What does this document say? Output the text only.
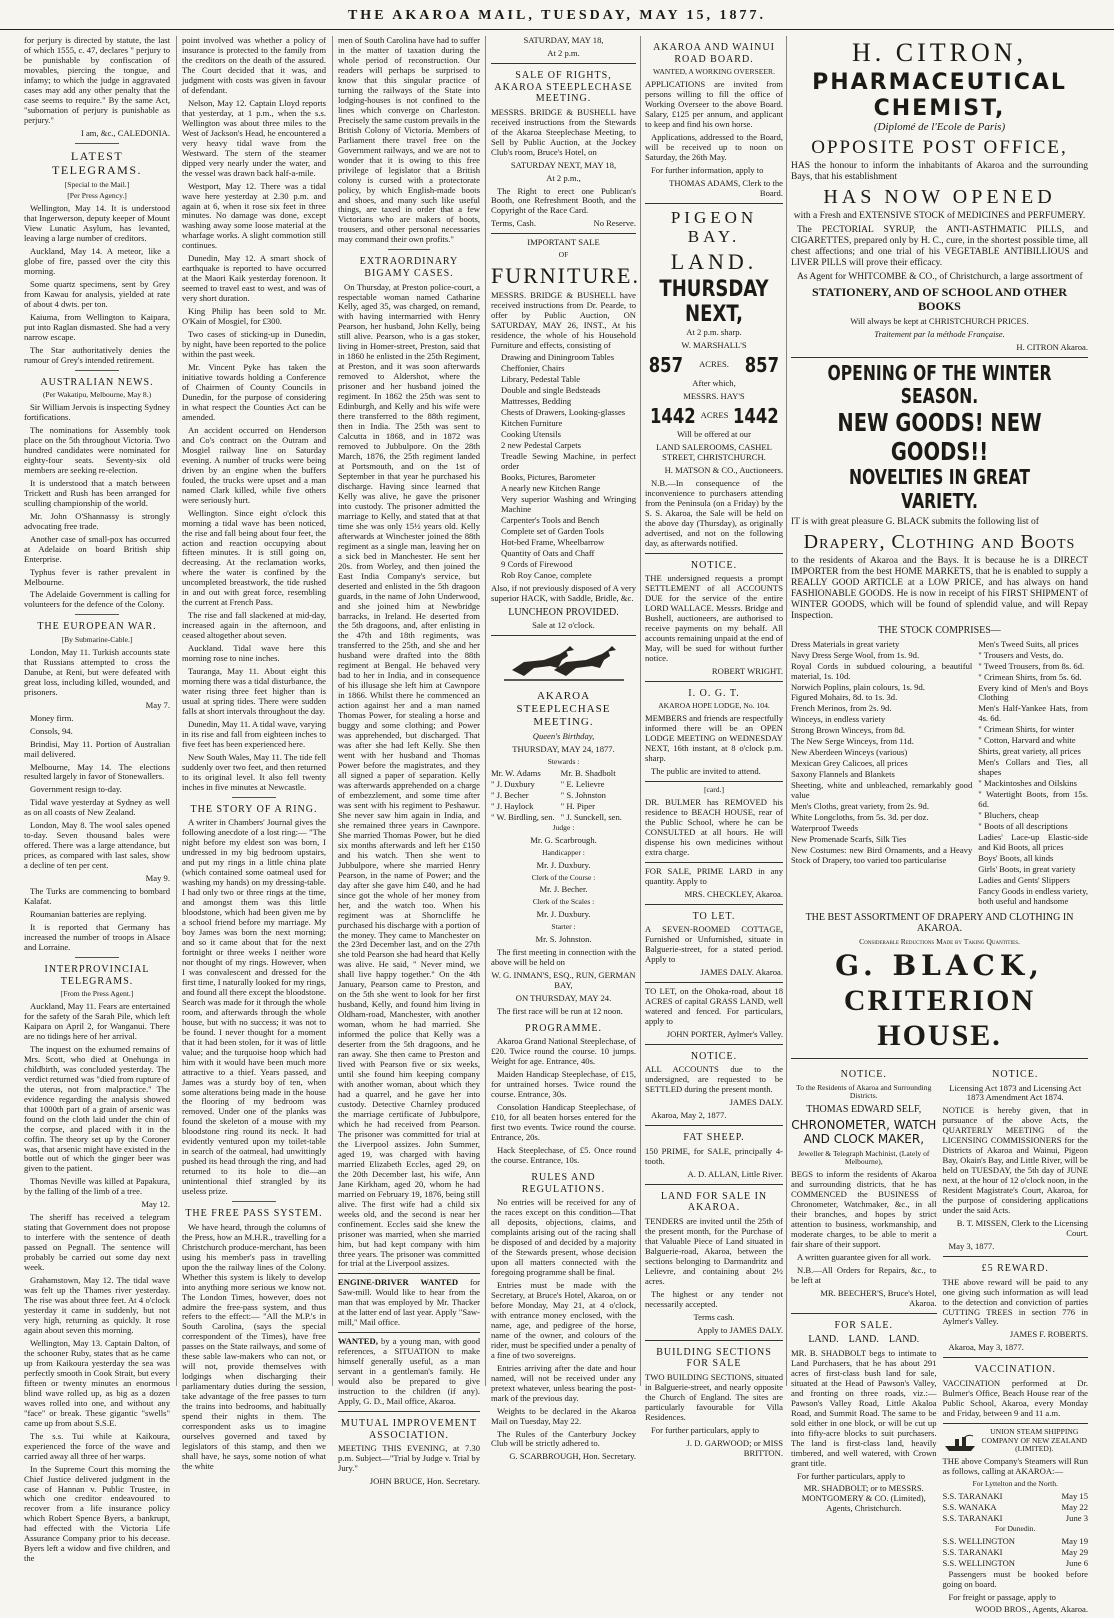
THE AKAROA MAIL, TUESDAY, MAY 15, 1877.

for perjury is directed by statute, the last of which 1555, c. 47, declares " perjury to be punishable by confiscation of movables, piercing the tongue, and infamy; to which the judge in aggravated cases may add any other penalty that the case seems to require." By the same Act, "subornation of perjury is punishable as perjury."

I am, &c., CALEDONIA.

LATEST TELEGRAMS.

[Special to the Mail.]

[Per Press Agency.]

Wellington, May 14. It is understood that Ingerwerson, deputy keeper of Mount View Lunatic Asylum, has levanted, leaving a large number of creditors.

Auckland, May 14. A meteor, like a globe of fire, passed over the city this morning.

Some quartz specimens, sent by Grey from Kawau for analysis, yielded at rate of about 4 dwts. per ton.

Kaiuma, from Wellington to Kaipara, put into Raglan dismasted. She had a very narrow escape.

The Star authoritatively denies the rumour of Grey's intended retirement.

AUSTRALIAN NEWS.

(Per Wakatipu, Melbourne, May 8.)

Sir William Jervois is inspecting Sydney fortifications.

The nominations for Assembly took place on the 5th throughout Victoria. Two hundred candidates were nominated for eighty-four seats. Seventy-six old members are seeking re-election.

It is understood that a match between Trickett and Rush has been arranged for sculling championship of the world.

Mr. John O'Shannassy is strongly advocating free trade.

Another case of small-pox has occurred at Adelaide on board British ship Enterprise.

Typhus fever is rather prevalent in Melbourne.

The Adelaide Government is calling for volunteers for the defence of the Colony.

THE EUROPEAN WAR.

[By Submarine-Cable.]

London, May 11. Turkish accounts state that Russians attempted to cross the Danube, at Reni, but were defeated with great loss, including killed, wounded, and prisoners.

May 7.

Money firm.

Consols, 94.

Brindisi, May 11. Portion of Australian mail delivered.

Melbourne, May 14. The elections resulted largely in favor of Stonewallers.

Government resign to-day.

Tidal wave yesterday at Sydney as well as on all coasts of New Zealand.

London, May 8. The wool sales opened to-day. Seven thousand bales were offered. There was a large attendance, but prices, as compared with last sales, show a decline of ten per cent.

May 9.

The Turks are commencing to bombard Kalafat.

Roumanian batteries are replying.

It is reported that Germany has increased the number of troops in Alsace and Lorraine.

INTERPROVINCIAL TELEGRAMS.

[From the Press Agent.]

Auckland, May 11. Fears are entertained for the safety of the Sarah Pile, which left Kaipara on April 2, for Wanganui. There are no tidings here of her arrival.

The inquest on the exhumed remains of Mrs. Scott, who died at Onehunga in childbirth, was concluded yesterday. The verdict returned was "died from rupture of the uterus, not from malpractice." The evidence regarding the analysis showed that 1000th part of a grain of arsenic was found on the cloth laid under the chin of the corpse, and placed with it in the coffin. The theory set up by the Coroner was, that arsenic might have existed in the bottle out of which the ginger beer was given to the patient.

Thomas Neville was killed at Papakura, by the falling of the limb of a tree.

May 12.

The sheriff has received a telegram stating that Government does not propose to interfere with the sentence of death passed on Pegnall. The sentence will probably be carried out some day next week.

Grahamstown, May 12. The tidal wave was felt up the Thames river yesterday. The rise was about three feet. At 4 o'clock yesterday it came in suddenly, but not very high, returning as quickly. It rose again about seven this morning.

Wellington, May 13. Captain Dalton, of the schooner Ruby, states that as he came up from Kaikoura yesterday the sea was perfectly smooth in Cook Strait, but every fifteen or twenty minutes an enormous blind wave rolled up, as big as a dozen waves rolled into one, and without any "face" or break. These gigantic "swells" came up from about S.S.E.

The s.s. Tui while at Kaikoura, experienced the force of the wave and carried away all three of her warps.

In the Supreme Court this morning the Chief Justice delivered judgment in the case of Hannan v. Public Trustee, in which one creditor endeavoured to recover from a life insurance policy which Robert Spence Byers, a bankrupt, had effected with the Victoria Life Assurance Company prior to his decease. Byers left a widow and five children, and the

point involved was whether a policy of insurance is protected to the family from the creditors on the death of the assured. The Court decided that it was, and judgment with costs was given in favour of defendant.

Nelson, May 12. Captain Lloyd reports that yesterday, at 1 p.m., when the s.s. Wellington was about three miles to the West of Jackson's Head, he encountered a very heavy tidal wave from the Westward. The stern of the steamer dipped very nearly under the water, and the vessel was drawn back half-a-mile.

Westport, May 12. There was a tidal wave here yesterday at 2.30 p.m. and again at 6, when it rose six feet in three minutes. No damage was done, except washing away some loose material at the wharfage works. A slight commotion still continues.

Dunedin, May 12. A smart shock of earthquake is reported to have occurred at the Maori Kaik yesterday forenoon. It seemed to travel east to west, and was of very short duration.

King Philip has been sold to Mr. O'Kain of Mosgiel, for £300.

Two cases of sticking-up in Dunedin, by night, have been reported to the police within the past week.

Mr. Vincent Pyke has taken the initiative towards holding a Conference of Chairmen of County Councils in Dunedin, for the purpose of considering in what respect the Counties Act can be amended.

An accident occurred on Henderson and Co's contract on the Outram and Mosgiel railway line on Saturday evening. A number of trucks were being driven by an engine when the buffers fouled, the trucks were upset and a man named Clark killed, while five others were seriously hurt.

Wellington. Since eight o'clock this morning a tidal wave has been noticed, the rise and fall being about four feet, the action and reaction occupying about fifteen minutes. It is still going on, decreasing. At the reclamation works, where the water is confined by the uncompleted breastwork, the tide rushed in and out with great force, resembling the current at French Pass.

The rise and fall slackened at mid-day, increased again in the afternoon, and ceased altogether about seven.

Auckland. Tidal wave here this morning rose to nine inches.

Tauranga, May 11. About eight this morning there was a tidal disturbance, the water rising three feet higher than is usual at spring tides. There were sudden falls at short intervals throughout the day.

Dunedin, May 11. A tidal wave, varying in its rise and fall from eighteen inches to five feet has been experienced here.

New South Wales, May 11. The tide fell suddenly over two feet, and then returned to its original level. It also fell twenty inches in five minutes at Newcastle.

THE STORY OF A RING.

A writer in Chambers' Journal gives the following anecdote of a lost ring:— "The night before my eldest son was born, I undressed in my big bedroom upstairs, and put my rings in a little china plate (which contained some oatmeal used for washing my hands) on my dressing-table. I had only two or three rings at the time, and amongst them was this little bloodstone, which had been given me by a school friend before my marriage. My boy James was born the next morning; and so it came about that for the next fortnight or three weeks I neither wore nor thought of my rings. However, when I was convalescent and dressed for the first time, I naturally looked for my rings, and found all there except the bloodstone. Search was made for it through the whole room, and afterwards through the whole house, but with no success; it was not to be found. I never thought for a moment that it had been stolen, for it was of little value; and the turquoise hoop which had him with it would have been much more attractive to a thief. Years passed, and James was a sturdy boy of ten, when some alterations being made in the house the flooring of my bedroom was removed. Under one of the planks was found the skeleton of a mouse with my bloodstone ring round its neck. It had evidently ventured upon my toilet-table in search of the oatmeal, had unwittingly pushed its head through the ring, and had returned to its hole to die—an unintentional thief strangled by its useless prize.

THE FREE PASS SYSTEM.

We have heard, through the columns of the Press, how an M.H.R., travelling for a Christchurch produce-merchant, has been using his member's pass in travelling upon the the railway lines of the Colony. Whether this system is likely to develop into anything more serious we know not. The London Times, however, does not admire the free-pass system, and thus refers to the effect:— "All the M.P.'s in South Carolina, (says the special correspondent of the Times), have free passes on the State railways, and some of these sable law-makers who can not, or will not, provide themselves with lodgings when discharging their parliamentary duties during the session, take advantage of the free passes to turn the trains into bedrooms, and habitually spend their nights in them. The correspondent asks us to imagine ourselves governed and taxed by legislators of this stamp, and then we shall have, he says, some notion of what the white

men of South Carolina have had to suffer in the matter of taxation during the whole period of reconstruction. Our readers will perhaps be surprised to know that this singular practice of turning the railways of the State into lodging-houses is not confined to the lines which converge on Charleston. Precisely the same custom prevails in the British Colony of Victoria. Members of Parliament there travel free on the Government railways, and we are not to wonder that it is owing to this free privilege of legislator that a British colony is cursed with a protectorate policy, by which English-made boots and shoes, and many such like useful things, are taxed in order that a few Victorians who are makers of boots, trousers, and other personal necessaries may command their own profits."

EXTRAORDINARY BIGAMY CASES.

On Thursday, at Preston police-court, a respectable woman named Catharine Kelly, aged 35, was charged, on remand, with having intermarried with Henry Pearson, her husband, John Kelly, being still alive. Pearson, who is a gas stoker, living in Homer-street, Preston, said that in 1860 he enlisted in the 25th Regiment, at Preston, and it was soon afterwards removed to Aldershot, where the prisoner and her husband joined the regiment. In 1862 the 25th was sent to Edinburgh, and Kelly and his wife were there transferred to the 88th regiment, then in India. The 25th was sent to Calcutta in 1868, and in 1872 was removed to Jubbulpore. On the 28th March, 1876, the 25th regiment landed at Portsmouth, and on the 1st of September in that year he purchased his discharge. Having since learned that Kelly was alive, he gave the prisoner into custody. The prisoner admitted the marriage to Kelly, and stated that at that time she was only 15½ years old. Kelly afterwards at Winchester joined the 88th regiment as a single man, leaving her on a sick bed in Manchester. He sent her 20s. from Worley, and then joined the East India Company's service, but deserted and enlisted in the 5th dragoon guards, in the name of John Underwood, and she joined him at Newbridge barracks, in Ireland. He deserted from the 5th dragoons, and, after enlisting in the 47th and 18th regiments, was transferred to the 25th, and she and her husband were drafted into the 88th regiment at Bengal. He behaved very bad to her in India, and in consequence of his illusage she left him at Cawnpore in 1866. Whilst there he commenced an action against her and a man named Thomas Power, for stealing a horse and buggy and some clothing; and Power was apprehended, but discharged. That was after she had left Kelly. She then went with her husband and Thomas Power before the magistrates, and they all signed a paper of separation. Kelly was afterwards apprehended on a charge of embezzlement, and some time after was sent with his regiment to Peshawur. She never saw him again in India, and she remained three years in Cawnpore. She married Thomas Power, but he died six months afterwards and left her £150 and his watch. Then she went to Jubbulpore, where she married Henry Pearson, in the name of Power; and the day after she gave him £40, and he had since got the whole of her money from her, and the watch too. When his regiment was at Shorncliffe he purchased his discharge with a portion of the money. They came to Manchester on the 23rd December last, and on the 27th she told Pearson she had heard that Kelly was alive. He said, " Never mind, we shall live happy together." On the 4th January, Pearson came to Preston, and on the 5th she went to look for her first husband, Kelly, and found him living in Oldham-road, Manchester, with another woman, whom he had married. She informed the police that Kelly was a deserter from the 5th dragoons, and he ran away. She then came to Preston and lived with Pearson five or six weeks, until she found him keeping company with another woman, about which they had a quarrel, and he gave her into custody. Detective Charnley produced the marriage certificate of Jubbulpore, which he had received from Pearson. The prisoner was committed for trial at the Liverpool assizes. John Summer, aged 19, was charged with having married Elizabeth Eccles, aged 29, on the 20th December last, his wife, Ann Jane Kirkham, aged 20, whom he had married on February 19, 1876, being still alive. The first wife had a child six weeks old, and the second is near her confinement. Eccles said she knew the prisoner was married, when she married him, but had kept company with him three years. The prisoner was committed for trial at the Liverpool assizes.

ENGINE-DRIVER WANTED for Saw-mill. Would like to hear from the man that was employed by Mr. Thacker at the latter end of last year. Apply "Saw-mill," Mail office.

WANTED, by a young man, with good references, a SITUATION to make himself generally useful, as a man servant in a gentleman's family. He would also be prepared to give instruction to the children (if any). Apply, G. D., Mail office, Akaroa.

MUTUAL IMPROVEMENT ASSOCIATION.

MEETING THIS EVENING, at 7.30 p.m. Subject—"Trial by Judge v. Trial by Jury."

JOHN BRUCE, Hon. Secretary.

SATURDAY, MAY 18,

At 2 p.m.

SALE OF RIGHTS, AKAROA STEEPLECHASE MEETING.

MESSRS. BRIDGE & BUSHELL have received instructions from the Stewards of the Akaroa Steeplechase Meeting, to Sell by Public Auction, at the Jockey Club's room, Bruce's Hotel, on

SATURDAY NEXT, MAY 18,

At 2 p.m.,

The Right to erect one Publican's Booth, one Refreshment Booth, and the Copyright of the Race Card.

Terms, Cash.	No Reserve.

IMPORTANT SALE

OF

FURNITURE.

MESSRS. BRIDGE & BUSHELL have received instructions from Dr. Pearde, to offer by Public Auction, ON SATURDAY, MAY 26, INST., At his residence, the whole of his Household Furniture and effects, consisting of

Drawing and Diningroom Tables
Cheffonier, Chairs
Library, Pedestal Table
Double and single Bedsteads
Mattresses, Bedding
Chests of Drawers, Looking-glasses
Kitchen Furniture
Cooking Utensils
2 new Pedestal Carpets
Treadle Sewing Machine, in perfect order
Books, Pictures, Barometer
A nearly new Kitchen Range
Very superior Washing and Wringing Machine
Carpenter's Tools and Bench
Complete set of Garden Tools
Hot-bed Frame, Wheelbarrow
Quantity of Oats and Chaff
9 Cords of Firewood
Rob Roy Canoe, complete

Also, if not previously disposed of A very superior HACK, with Saddle, Bridle, &c.

LUNCHEON PROVIDED.

Sale at 12 o'clock.

AKAROA STEEPLECHASE MEETING.

Queen's Birthday,

THURSDAY, MAY 24, 1877.

Stewards :

Mr. W. Adams
" J. Duxbury
" J. Becher
" J. Haylock
" W. Birdling, sen.
Mr. B. Shadbolt
" E. Lelievre
" S. Johnston
" H. Piper
" J. Sunckell, sen.

Judge :

Mr. G. Scarbrough.

Handicapper :

Mr. J. Duxbury.

Clerk of the Course :

Mr. J. Becher.

Clerk of the Scales :

Mr. J. Duxbury.

Starter :

Mr. S. Johnston.

The first meeting in connection with the above will be held on

W. G. INMAN'S, ESQ., RUN, GERMAN BAY,

ON THURSDAY, MAY 24.

The first race will be run at 12 noon.

PROGRAMME.

Akaroa Grand National Steeplechase, of £20. Twice round the course. 10 jumps. Weight for age. Entrance, 40s.

Maiden Handicap Steeplechase, of £15, for untrained horses. Twice round the course. Entrance, 30s.

Consolation Handicap Steeplechase, of £10, for all beaten horses entered for the first two events. Twice round the course. Entrance, 20s.

Hack Steeplechase, of £5. Once round the course. Entrance, 10s.

RULES AND REGULATIONS.

No entries will be received for any of the races except on this condition—That all deposits, objections, claims, and complaints arising out of the racing shall be disposed of and decided by a majority of the Stewards present, whose decision upon all matters connected with the foregoing programme shall be final.

Entries must be made with the Secretary, at Bruce's Hotel, Akaroa, on or before Monday, May 21, at 4 o'clock, with entrance money enclosed, with the name, age, and pedigree of the horse, name of the owner, and colours of the rider, must be specified under a penalty of a fine of two sovereigns.

Entries arriving after the date and hour named, will not be received under any pretext whatever, unless bearing the post-mark of the previous day.

Weights to be declared in the Akaroa Mail on Tuesday, May 22.

The Rules of the Canterbury Jockey Club will be strictly adhered to.

G. SCARBROUGH, Hon. Secretary.

AKAROA AND WAINUI ROAD BOARD.

WANTED, A WORKING OVERSEER.

APPLICATIONS are invited from persons willing to fill the office of Working Overseer to the above Board. Salary, £125 per annum, and applicant to keep and find his own horse.

Applications, addressed to the Board, will be received up to noon on Saturday, the 26th May.

For further information, apply to

THOMAS ADAMS, Clerk to the Board.

PIGEON BAY.
LAND.
THURSDAY NEXT,

At 2 p.m. sharp.

W. MARSHALL'S

857 ACRES. 857

After which,

MESSRS. HAY'S

1442 ACRES 1442

Will be offered at our

LAND SALEROOMS, CASHEL STREET, CHRISTCHURCH.

H. MATSON & CO., Auctioneers.

N.B.—In consequence of the inconvenience to purchasers attending from the Peninsula (on a Friday) by the S. S. Akaroa, the Sale will be held on the above day (Thursday), as originally advertised, and not on the following day, as afterwards notified.

NOTICE.

THE undersigned requests a prompt SETTLEMENT of all ACCOUNTS DUE for the service of the entire LORD WALLACE. Messrs. Bridge and Bushell, auctioneers, are authorised to receive payments on my behalf. All accounts remaining unpaid at the end of May, will be sued for without further notice.

ROBERT WRIGHT.

I. O. G. T.

AKAROA HOPE LODGE, No. 104.

MEMBERS and friends are respectfully informed there will be an OPEN LODGE MEETING on WEDNESDAY NEXT, 16th instant, at 8 o'clock p.m. sharp.

The public are invited to attend.

[card.]

DR. BULMER has REMOVED his residence to BEACH HOUSE, rear of the Public School, where he can be CONSULTED at all hours. He will dispense his own medicines without extra charge.

FOR SALE, PRIME LARD in any quantity. Apply to

MRS. CHECKLEY, Akaroa.

TO LET.

A SEVEN-ROOMED COTTAGE, Furnished or Unfurnished, situate in Balguerie-street, for a stated period. Apply to

JAMES DALY. Akaroa.

TO LET, on the Ohoka-road, about 18 ACRES of capital GRASS LAND, well watered and fenced. For particulars, apply to

JOHN PORTER, Aylmer's Valley.

NOTICE.

ALL ACCOUNTS due to the undersigned, are requested to be SETTLED during the present month.

JAMES DALY.

Akaroa, May 2, 1877.

FAT SHEEP.

150 PRIME, for SALE, principally 4-tooth.

A. D. ALLAN, Little River.

LAND FOR SALE IN AKAROA.

TENDERS are invited until the 25th of the present month, for the Purchase of that Valuable Piece of Land situated in Balguerie-road, Akaroa, between the sections belonging to Darmandritz and Lelievre, and containing about 2½ acres.

The highest or any tender not necessarily accepted.

Terms cash.

Apply to JAMES DALY.

BUILDING SECTIONS FOR SALE

TWO BUILDING SECTIONS, situated in Balguerie-street, and nearly opposite the Church of England. The sites are particularly favourable for Villa Residences.

For further particulars, apply to

J. D. GARWOOD; or MISS BRITTON.

H. CITRON,
PHARMACEUTICAL CHEMIST,

(Diplomé de l'Ecole de Paris)

OPPOSITE POST OFFICE,

HAS the honour to inform the inhabitants of Akaroa and the surrounding Bays, that his establishment

HAS NOW OPENED

with a Fresh and EXTENSIVE STOCK of MEDICINES and PERFUMERY.

The PECTORIAL SYRUP, the ANTI-ASTHMATIC PILLS, and CIGARETTES, prepared only by H. C., cure, in the shortest possible time, all chest affections; and one trial of his VEGETABLE ANTIBILLIOUS and LIVER PILLS will prove their efficacy.

As Agent for WHITCOMBE & CO., of Christchurch, a large assortment of

STATIONERY, AND OF SCHOOL AND OTHER BOOKS

Will always be kept at CHRISTCHURCH PRICES.

Traitement par la méthode Française.

H. CITRON Akaroa.

OPENING OF THE WINTER SEASON.
NEW GOODS! NEW GOODS!!
NOVELTIES IN GREAT VARIETY.

IT is with great pleasure G. BLACK submits the following list of

Drapery, Clothing and Boots

to the residents of Akaroa and the Bays. It is because he is a DIRECT IMPORTER from the best HOME MARKETS, that he is enabled to supply a REALLY GOOD ARTICLE at a LOW PRICE, and has always on hand FASHIONABLE GOODS. He is now in receipt of his FIRST SHIPMENT of WINTER GOODS, which will be found of splendid value, and will Repay Inspection.

THE STOCK COMPRISES—

Dress Materials in great variety
Navy Dress Serge Wool, from 1s. 9d.
Royal Cords in subdued colouring, a beautiful material, 1s. 10d.
Norwich Poplins, plain colours, 1s. 9d.
Figured Mohairs, 8d. to 1s. 3d.
French Merinos, from 2s. 9d.
Winceys, in endless variety
Strong Brown Winceys, from 8d.
The New Serge Winceys, from 11d.
New Aberdeen Winceys (various)
Mexican Grey Calicoes, all prices
Saxony Flannels and Blankets
Sheeting, white and unbleached, remarkably good value
Men's Cloths, great variety, from 2s. 9d.
White Longcloths, from 5s. 3d. per doz.
Waterproof Tweeds
New Promenade Scarfs, Silk Ties
New Costumes: new Bird Ornaments, and a Heavy Stock of Drapery, too varied too particularise
Men's Tweed Suits, all prices
" Trousers and Vests, do.
" Tweed Trousers, from 8s. 6d.
" Crimean Shirts, from 5s. 6d.
Every kind of Men's and Boys Clothing
Men's Half-Yankee Hats, from 4s. 6d.
" Crimean Shirts, for winter
" Cotton, Harvard and white
Shirts, great variety, all prices
Men's Collars and Ties, all shapes
" Mackintoshes and Oilskins
" Watertight Boots, from 15s. 6d.
" Bluchers, cheap
" Boots of all descriptions
Ladies' Lace-up Elastic-side and Kid Boots, all prices
Boys' Boots, all kinds
Girls' Boots, in great variety
Ladies and Gents' Slippers
Fancy Goods in endless variety, both useful and handsome

THE BEST ASSORTMENT OF DRAPERY AND CLOTHING IN AKAROA.

Considerable Reductions Made by Taking Quantities.

G. BLACK,
CRITERION HOUSE.
NOTICE.

To the Residents of Akaroa and Surrounding Districts.

THOMAS EDWARD SELF,

CHRONOMETER, WATCH AND CLOCK MAKER,

Jeweller & Telegraph Machinist, (Lately of Melbourne),

BEGS to inform the residents of Akaroa and surrounding districts, that he has COMMENCED the BUSINESS of Chronometer, Watchmaker, &c., in all their branches, and hopes by strict attention to business, workmanship, and moderate charges, to be able to merit a fair share of their support.

A written guarantee given for all work.

N.B.—All Orders for Repairs, &c., to be left at

MR. BEECHER'S, Bruce's Hotel, Akaroa.

FOR SALE.

LAND.    LAND.    LAND.

MR. B. SHADBOLT begs to intimate to Land Purchasers, that he has about 291 acres of first-class bush land for sale, situated at the Head of Pawson's Valley, and fronting on three roads, viz.:—Pawson's Valley Road, Little Akaloa Road, and Summit Road. The same to be sold either in one block, or will be cut up into fifty-acre blocks to suit purchasers. The land is first-class land, heavily timbered, and well watered, with Crown grant title.

For further particulars, apply to

MR. SHADBOLT; or to MESSRS. MONTGOMERY & CO. (Limited), Agents, Christchurch.

NOTICE.

Licensing Act 1873 and Licensing Act 1873 Amendment Act 1874.

NOTICE is hereby given, that in pursuance of the above Acts, the QUARTERLY MEETING of the LICENSING COMMISSIONERS for the Districts of Akaroa and Wainui, Pigeon Bay, Okain's Bay, and Little River, will be held on TUESDAY, the 5th day of JUNE next, at the hour of 12 o'clock noon, in the Resident Magistrate's Court, Akaroa, for the purpose of considering applications under the said Acts.

B. T. MISSEN, Clerk to the Licensing Court.

May 3, 1877.

£5 REWARD.

THE above reward will be paid to any one giving such information as will lead to the detection and conviction of parties CUTTING TREES in section 776 in Aylmer's Valley.

JAMES F. ROBERTS.

Akaroa, May 3, 1877.

VACCINATION.

VACCINATION performed at Dr. Bulmer's Office, Beach House rear of the Public School, Akaroa, every Monday and Friday, between 9 and 11 a.m.

UNION STEAM SHIPPING COMPANY OF NEW ZEALAND (LIMITED).

THE above Company's Steamers will Run as follows, calling at AKAROA:—

For Lyttelton and the North.

S.S. TARANAKI	May 15
S.S. WANAKA	May 22
S.S. TARANAKI	June 3

For Dunedin.

S.S. WELLINGTON	May 19
S.S. TARANAKI	May 29
S.S. WELLINGTON	June 6

Passengers must be booked before going on board.

For freight or passage, apply to

WOOD BROS., Agents, Akaroa.
